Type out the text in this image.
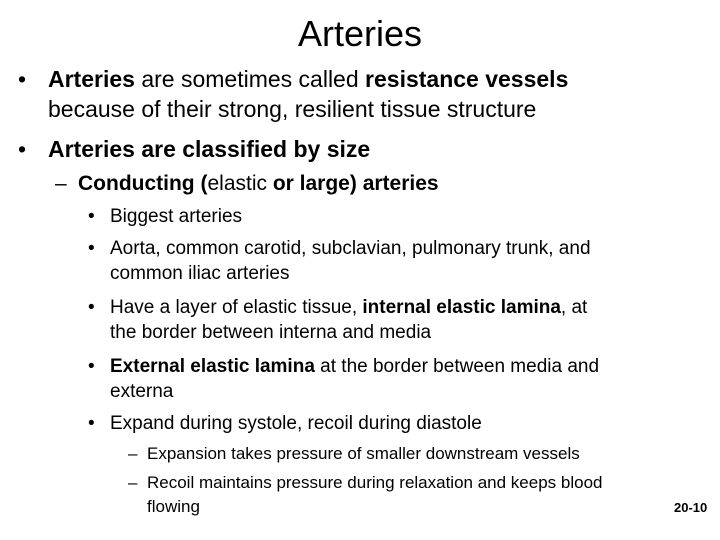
Arteries
• Arteries are sometimes called resistance vessels
because of their strong, resilient tissue structure
• Arteries are classified by size
– Conducting (elastic or large) arteries
• Biggest arteries
• Aorta, common carotid, subclavian, pulmonary trunk, and
common iliac arteries
• Have a layer of elastic tissue, internal elastic lamina, at
the border between interna and media
• External elastic lamina at the border between media and
externa
• Expand during systole, recoil during diastole
– Expansion takes pressure of smaller downstream vessels
– Recoil maintains pressure during relaxation and keeps blood
flowing	20-10
